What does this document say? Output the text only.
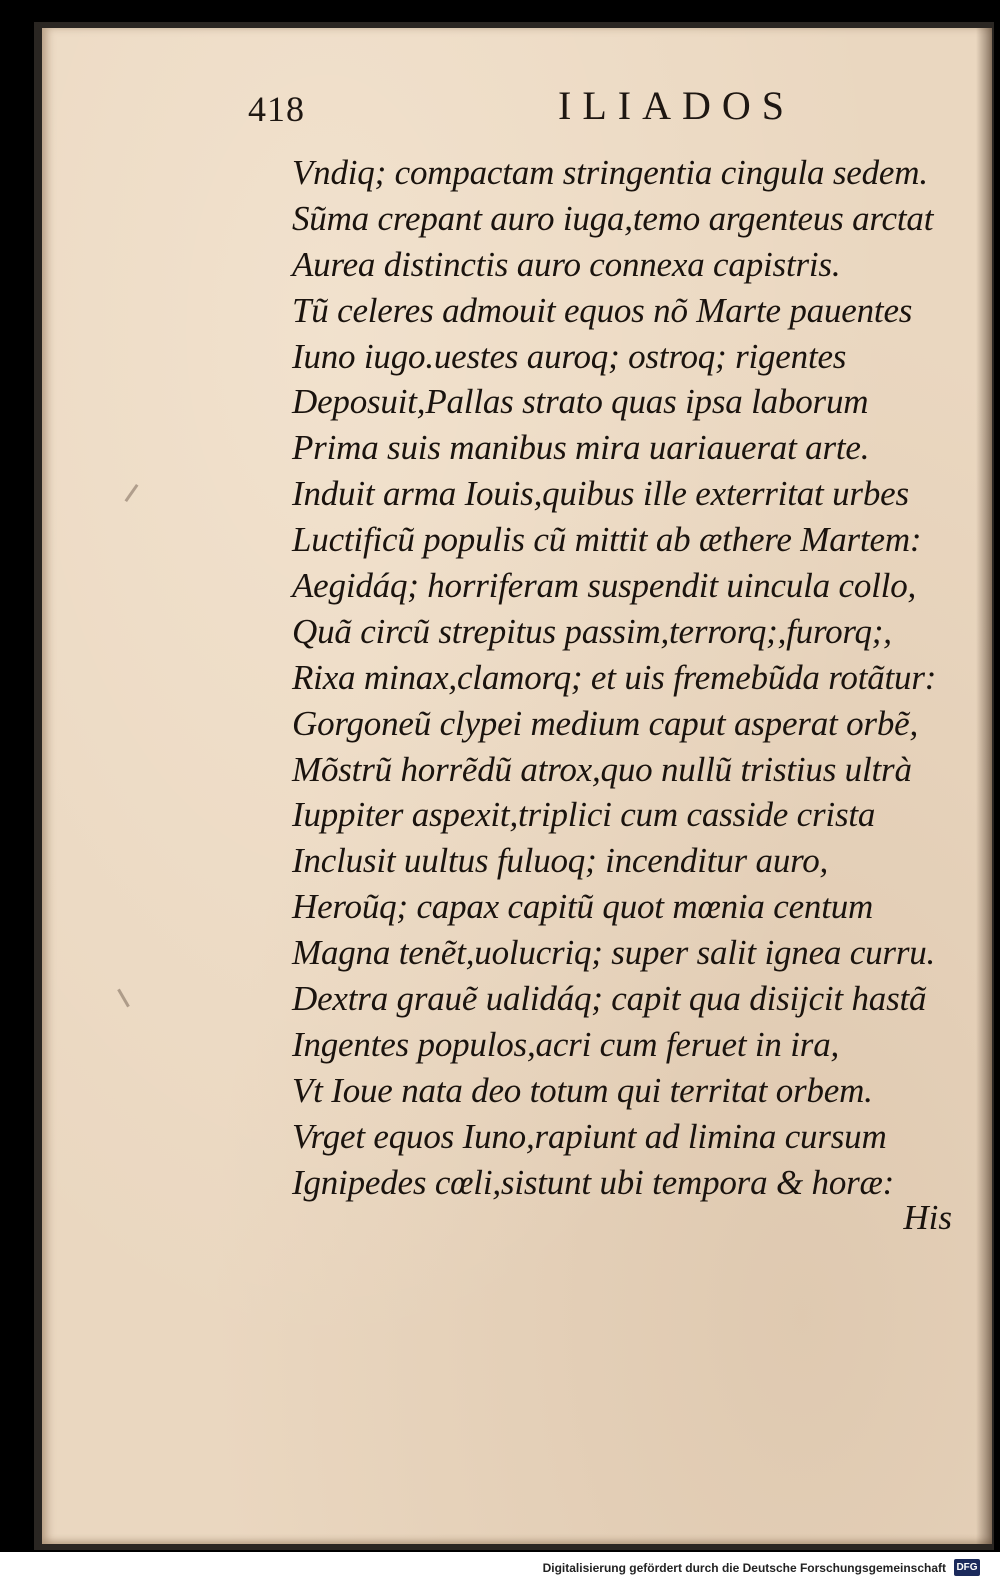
418	ILIADOS
Vndiq; compactam stringentia cingula sedem.
Sũma crepant auro iuga,temo argenteus arctat
Aurea distinctis auro connexa capistris.
Tũ celeres admouit equos nõ Marte pauentes
Iuno iugo.uestes auroq; ostroq; rigentes
Deposuit,Pallas strato quas ipsa laborum
Prima suis manibus mira uariauerat arte.
Induit arma Iouis,quibus ille exterritat urbes
Luctificũ populis cũ mittit ab æthere Martem:
Aegidáq; horriferam suspendit uincula collo,
Quã circũ strepitus passim,terrorq;,furorq;,
Rixa minax,clamorq; et uis fremebũda rotãtur:
Gorgoneũ clypei medium caput asperat orbẽ,
Mõstrũ horrẽdũ atrox,quo nullũ tristius ultrà
Iuppiter aspexit,triplici cum casside crista
Inclusit uultus fuluoq; incenditur auro,
Heroũq; capax capitũ quot mœnia centum
Magna tenẽt,uolucriq; super salit ignea curru.
Dextra grauẽ ualidáq; capit qua disijcit hastã
Ingentes populos,acri cum feruet in ira,
Vt Ioue nata deo totum qui territat orbem.
Vrget equos Iuno,rapiunt ad limina cursum
Ignipedes cœli,sistunt ubi tempora & horæ:
His
Digitalisierung gefördert durch die Deutsche Forschungsgemeinschaft DFG
